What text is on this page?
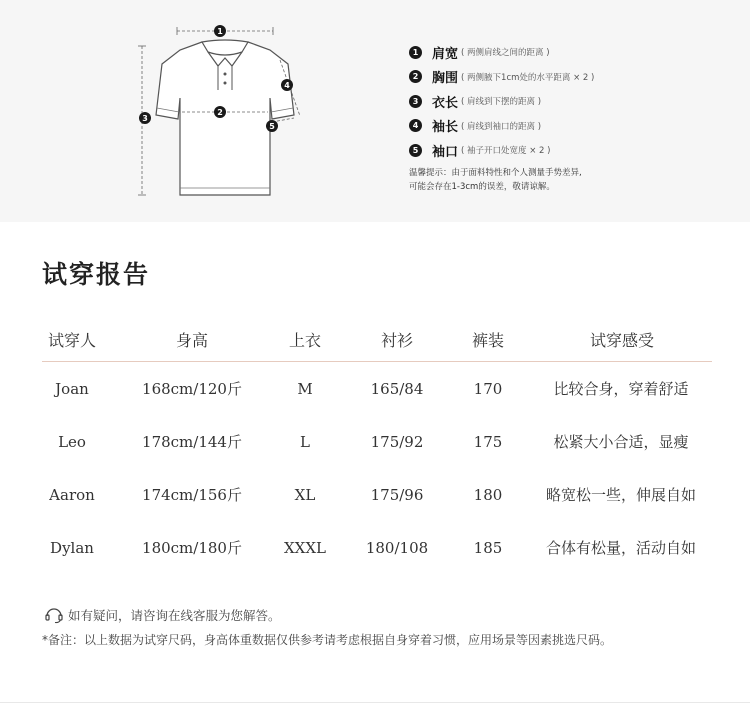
1
2
3
4
5
1 肩宽 ( 两侧肩线之间的距离 )
2 胸围 ( 两侧腋下1cm处的水平距离 × 2 )
3 衣长 ( 肩线到下摆的距离 )
4 袖长 ( 肩线到袖口的距离 )
5 袖口 ( 袖子开口处宽度 × 2 )
温馨提示：由于面料特性和个人测量手势差异,
可能会存在1-3cm的误差，敬请谅解。
试穿报告
试穿人	身高	上衣	衬衫	裤装	试穿感受
Joan	168cm/120斤	M	165/84	170	比较合身，穿着舒适
Leo	178cm/144斤	L	175/92	175	松紧大小合适，显瘦
Aaron	174cm/156斤	XL	175/96	180	略宽松一些，伸展自如
Dylan	180cm/180斤	XXXL	180/108	185	合体有松量，活动自如
如有疑问，请咨询在线客服为您解答。
*备注：以上数据为试穿尺码，身高体重数据仅供参考请考虑根据自身穿着习惯，应用场景等因素挑选尺码。
